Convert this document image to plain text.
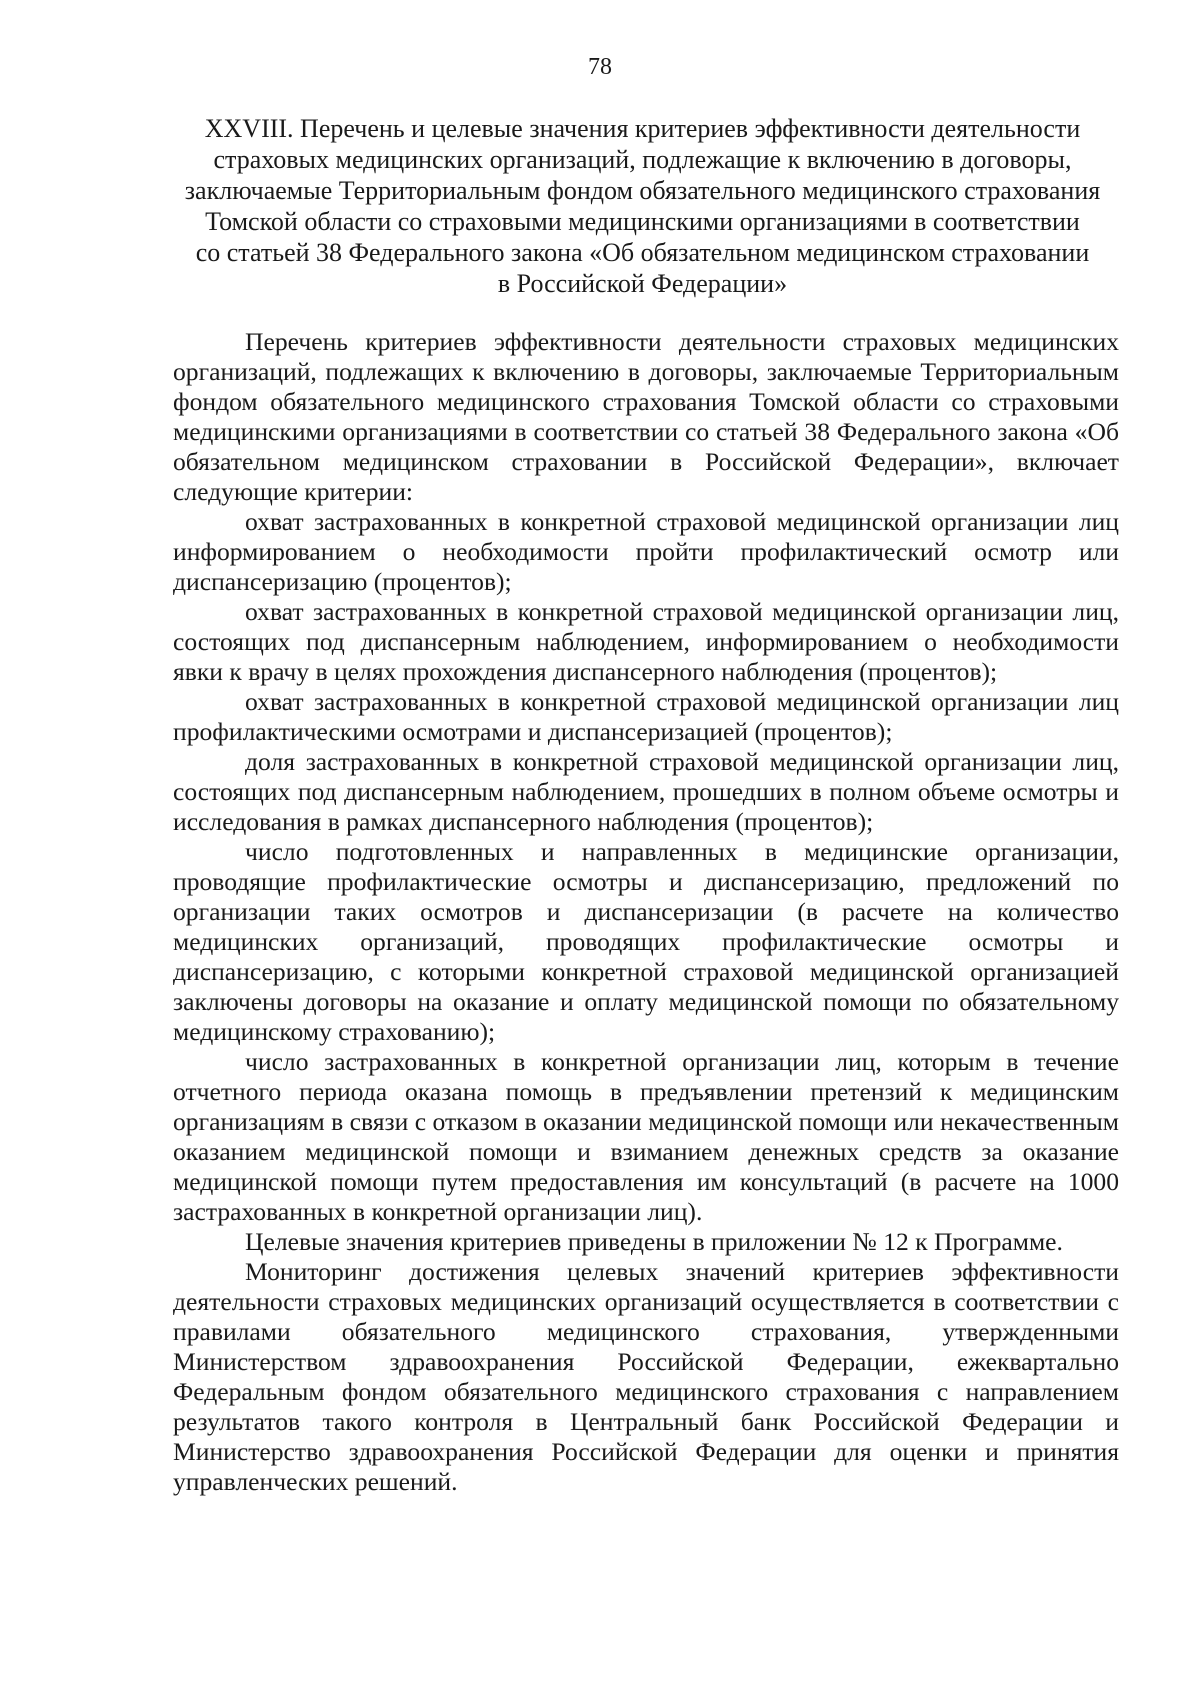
78
XXVIII. Перечень и целевые значения критериев эффективности деятельности
страховых медицинских организаций, подлежащие к включению в договоры,
заключаемые Территориальным фондом обязательного медицинского страхования
Томской области со страховыми медицинскими организациями в соответствии
со статьей 38 Федерального закона «Об обязательном медицинском страховании
в Российской Федерации»

Перечень критериев эффективности деятельности страховых медицинских организаций, подлежащих к включению в договоры, заключаемые Территориальным фондом обязательного медицинского страхования Томской области со страховыми медицинскими организациями в соответствии со статьей 38 Федерального закона «Об обязательном медицинском страховании в Российской Федерации», включает следующие критерии:

охват застрахованных в конкретной страховой медицинской организации лиц информированием о необходимости пройти профилактический осмотр или диспансеризацию (процентов);

охват застрахованных в конкретной страховой медицинской организации лиц, состоящих под диспансерным наблюдением, информированием о необходимости явки к врачу в целях прохождения диспансерного наблюдения (процентов);

охват застрахованных в конкретной страховой медицинской организации лиц профилактическими осмотрами и диспансеризацией (процентов);

доля застрахованных в конкретной страховой медицинской организации лиц, состоящих под диспансерным наблюдением, прошедших в полном объеме осмотры и исследования в рамках диспансерного наблюдения (процентов);

число подготовленных и направленных в медицинские организации, проводящие профилактические осмотры и диспансеризацию, предложений по организации таких осмотров и диспансеризации (в расчете на количество медицинских организаций, проводящих профилактические осмотры и диспансеризацию, с которыми конкретной страховой медицинской организацией заключены договоры на оказание и оплату медицинской помощи по обязательному медицинскому страхованию);

число застрахованных в конкретной организации лиц, которым в течение отчетного периода оказана помощь в предъявлении претензий к медицинским организациям в связи с отказом в оказании медицинской помощи или некачественным оказанием медицинской помощи и взиманием денежных средств за оказание медицинской помощи путем предоставления им консультаций (в расчете на 1000 застрахованных в конкретной организации лиц).

Целевые значения критериев приведены в приложении № 12 к Программе.

Мониторинг достижения целевых значений критериев эффективности деятельности страховых медицинских организаций осуществляется в соответствии с правилами обязательного медицинского страхования, утвержденными Министерством здравоохранения Российской Федерации, ежеквартально Федеральным фондом обязательного медицинского страхования с направлением результатов такого контроля в Центральный банк Российской Федерации и Министерство здравоохранения Российской Федерации для оценки и принятия управленческих решений.
